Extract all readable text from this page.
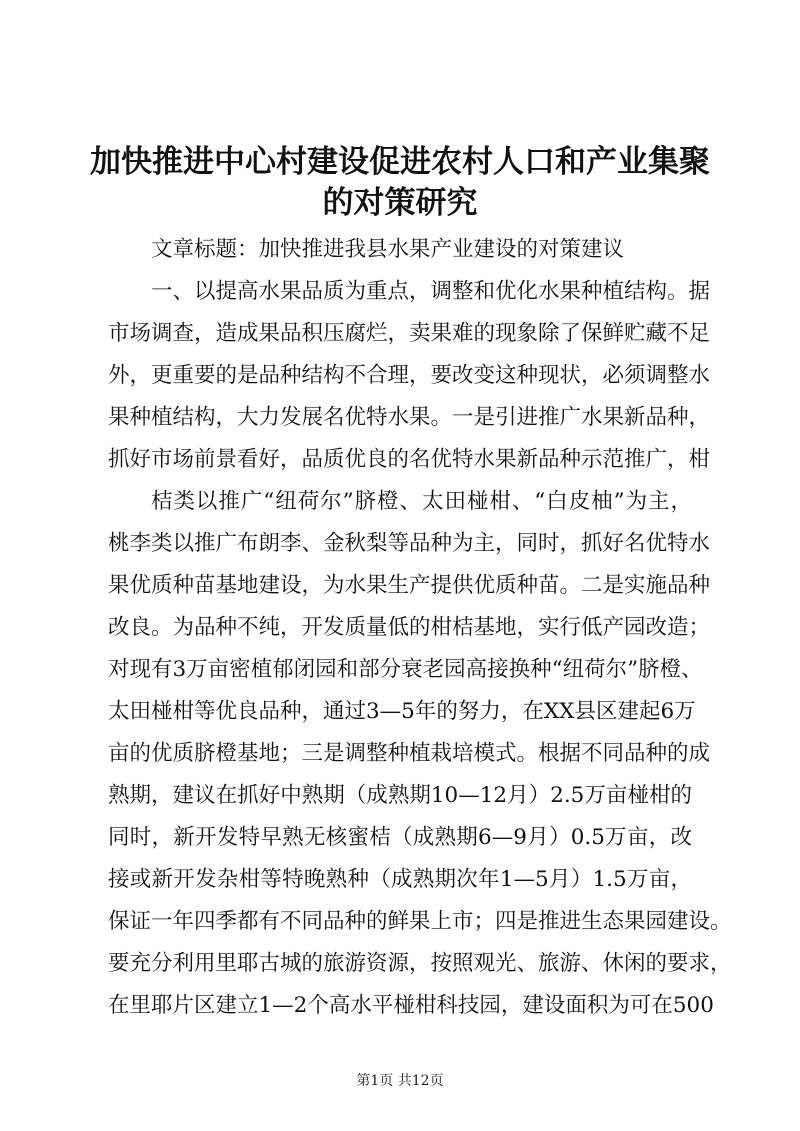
加快推进中心村建设促进农村人口和产业集聚
的对策研究
文章标题：加快推进我县水果产业建设的对策建议
一、以提高水果品质为重点，调整和优化水果种植结构。据
市场调查，造成果品积压腐烂，卖果难的现象除了保鲜贮藏不足
外，更重要的是品种结构不合理，要改变这种现状，必须调整水
果种植结构，大力发展名优特水果。一是引进推广水果新品种，
抓好市场前景看好，品质优良的名优特水果新品种示范推广，柑
桔类以推广“纽荷尔”脐橙、太田椪柑、“白皮柚”为主，
桃李类以推广布朗李、金秋梨等品种为主，同时，抓好名优特水
果优质种苗基地建设，为水果生产提供优质种苗。二是实施品种
改良。为品种不纯，开发质量低的柑桔基地，实行低产园改造；
对现有3万亩密植郁闭园和部分衰老园高接换种“纽荷尔”脐橙、
太田椪柑等优良品种，通过3—5年的努力，在XX县区建起6万
亩的优质脐橙基地；三是调整种植栽培模式。根据不同品种的成
熟期，建议在抓好中熟期（成熟期10—12月）2.5万亩椪柑的
同时，新开发特早熟无核蜜桔（成熟期6—9月）0.5万亩，改
接或新开发杂柑等特晚熟种（成熟期次年1—5月）1.5万亩，
保证一年四季都有不同品种的鲜果上市；四是推进生态果园建设。
要充分利用里耶古城的旅游资源，按照观光、旅游、休闲的要求，
在里耶片区建立1—2个高水平椪柑科技园，建设面积为可在500
第1页 共12页
